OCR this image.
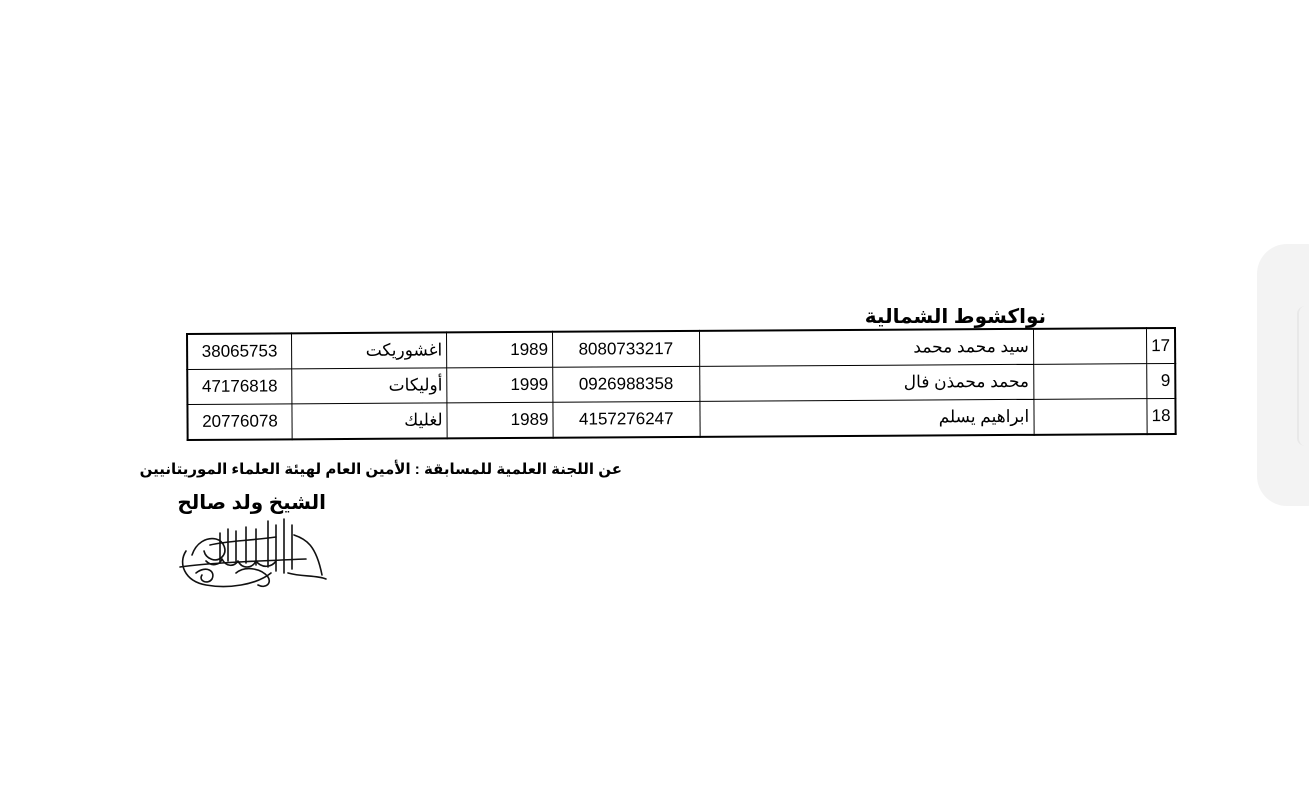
نواكشوط الشمالية
38065753	اغشوريكت	1989	8080733217	سيد محمد محمد		17
47176818	أوليكات	1999	0926988358	محمد محمذن فال		9
20776078	لغليك	1989	4157276247	ابراهيم يسلم		18
عن اللجنة العلمية للمسابقة : الأمين العام لهيئة العلماء الموريتانيين
الشيخ ولد صالح
